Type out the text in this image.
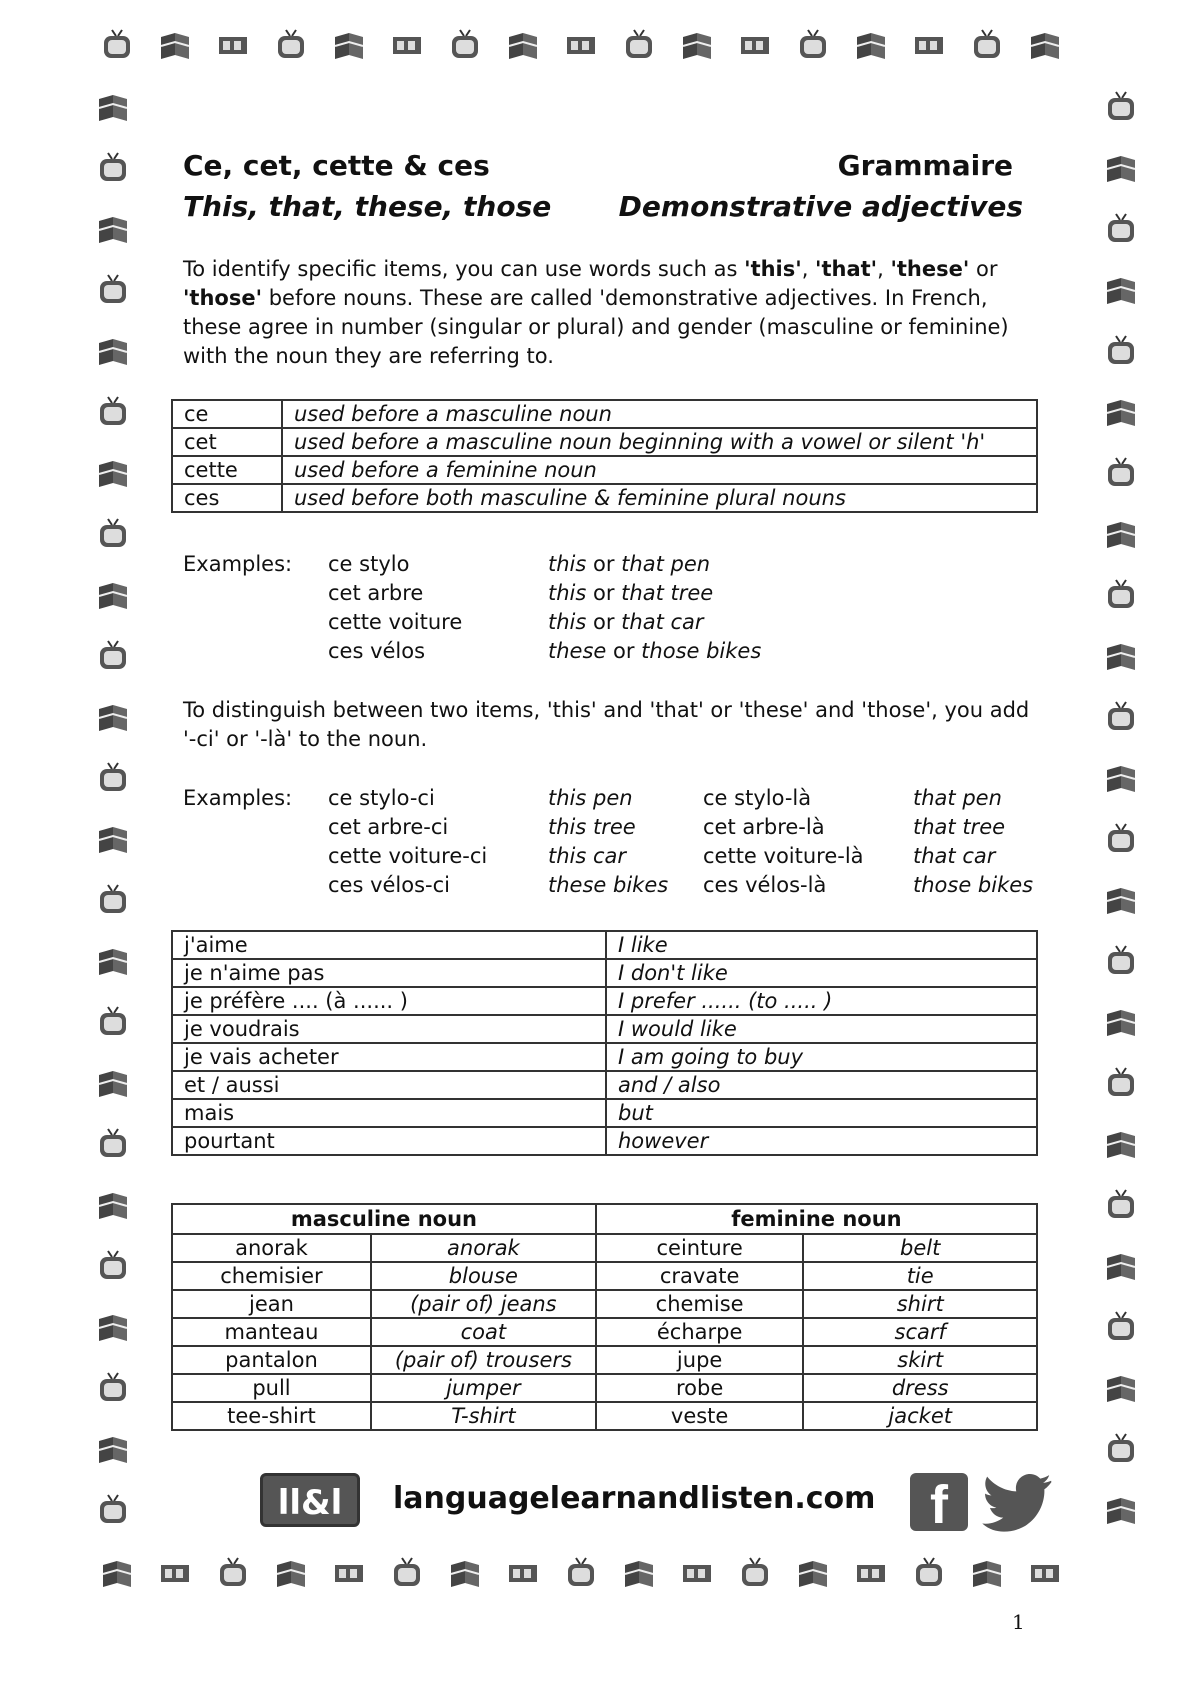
Ce, cet, cette & ces
This, that, these, those
Grammaire
Demonstrative adjectives
To identify specific items, you can use words such as 'this', 'that', 'these' or
'those' before nouns. These are called 'demonstrative adjectives. In French, these agree in number (singular or plural) and gender (masculine or feminine) with the noun they are referring to.
ce	used before a masculine noun
cet	used before a masculine noun beginning with a vowel or silent 'h'
cette	used before a feminine noun
ces	used before both masculine & feminine plural nouns
Examples:	ce stylo	this or that pen
cet arbre	this or that tree
cette voiture	this or that car
ces vélos	these or those bikes
To distinguish between two items, 'this' and 'that' or 'these' and 'those', you add '-ci' or '-là' to the noun.
Examples:	ce stylo-ci	this pen	ce stylo-là	that pen
cet arbre-ci	this tree	cet arbre-là	that tree
cette voiture-ci	this car	cette voiture-là	that car
ces vélos-ci	these bikes	ces vélos-là	those bikes
j'aime	I like
je n'aime pas	I don't like
je préfère .... (à ...... )	I prefer ...... (to ..... )
je voudrais	I would like
je vais acheter	I am going to buy
et / aussi	and / also
mais	but
pourtant	however
masculine noun		feminine noun	
anorak	anorak	ceinture	belt
chemisier	blouse	cravate	tie
jean	(pair of) jeans	chemise	shirt
manteau	coat	écharpe	scarf
pantalon	(pair of) trousers	jupe	skirt
pull	jumper	robe	dress
tee-shirt	T-shirt	veste	jacket
ll&l	languagelearnandlisten.com f
1
